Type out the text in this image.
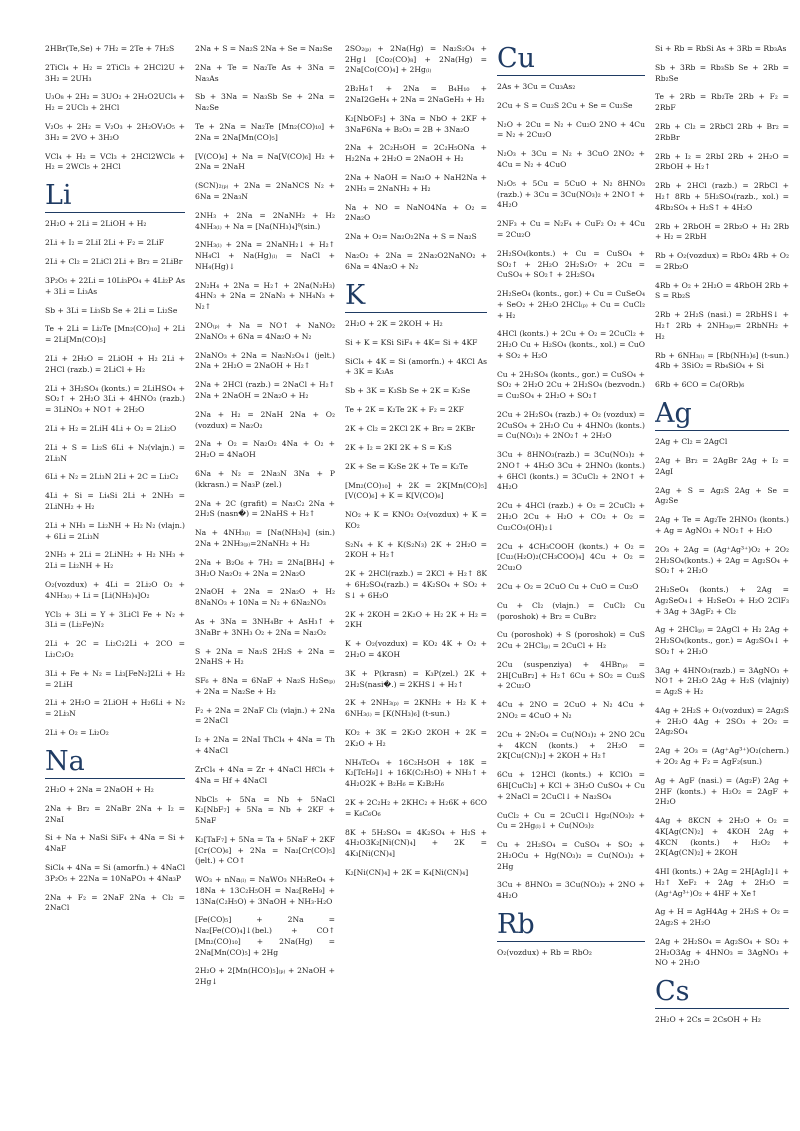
2HBr(Te,Se) + 7H₂ = 2Te + 7H₂S
2TiCl₄ + H₂ = 2TiCl₃ + 2HCl2U + 3H₂ = 2UH₃
U₃O₈ + 2H₂ = 3UO₂ + 2H₂O2UCl₄ + H₂ = 2UCl₃ + 2HCl
V₂O₅ + 2H₂ = V₂O₃ + 2H₂OV₂O₅ + 3H₂ = 2VO + 3H₂O
VCl₄ + H₂ = VCl₃ + 2HCl2WCl₆ + H₂ = 2WCl₅ + 2HCl
Li
2H₂O + 2Li = 2LiOH + H₂
2Li + I₂ = 2LiI 2Li + F₂ = 2LiF
2Li + Cl₂ = 2LiCl 2Li + Br₂ = 2LiBr
3P₂O₅ + 22Li = 10Li₃PO₄ + 4Li₂P As + 3Li = Li₃As
Sb + 3Li = Li₃Sb Se + 2Li = Li₂Se
Te + 2Li = Li₂Te [Mn₂(CO)₁₀] + 2Li = 2Li[Mn(CO)₅]
2Li + 2H₂O = 2LiOH + H₂ 2Li + 2HCl (razb.) = 2LiCl + H₂
2Li + 3H₂SO₄ (konts.) = 2LiHSO₄ + SO₂↑ + 2H₂O 3Li + 4HNO₃ (razb.) = 3LiNO₃ + NO↑ + 2H₂O
2Li + H₂ = 2LiH 4Li + O₂ = 2Li₂O
2Li + S = Li₂S 6Li + N₂(vlajn.) = 2Li₃N
6Li + N₂ = 2Li₃N 2Li + 2C = Li₂C₂
4Li + Si = Li₄Si 2Li + 2NH₃ = 2LiNH₂ + H₂
2Li + NH₃ = Li₂NH + H₂ N₂ (vlajn.) + 6Li = 2Li₃N
2NH₃ + 2Li = 2LiNH₂ + H₂ NH₃ + 2Li = Li₂NH + H₂
O₂(vozdux) + 4Li = 2Li₂O O₂ + 4NH₃₍ₗ₎ + Li = [Li(NH₃)₄]O₂
YCl₃ + 3Li = Y + 3LiCl Fe + N₂ + 3Li = (Li₂Fe)N₂
2Li + 2C = Li₂C₂2Li + 2CO = Li₂C₂O₂
3Li + Fe + N₂ = Li₃[FeN₂]2Li + H₂ = 2LiH
2Li + 2H₂O = 2LiOH + H₂6Li + N₂ = 2Li₃N
2Li + O₂ = Li₂O₂
Na
2H₂O + 2Na = 2NaOH + H₂
2Na + Br₂ = 2NaBr 2Na + I₂ = 2NaI
Si + Na + NaSi SiF₄ + 4Na = Si + 4NaF
SiCl₄ + 4Na = Si (amorfn.) + 4NaCl 3P₂O₅ + 22Na = 10NaPO₃ + 4Na₃P
2Na + F₂ = 2NaF 2Na + Cl₂ = 2NaCl
2Na + S = Na₂S 2Na + Se = Na₂Se
2Na + Te = Na₂Te As + 3Na = Na₃As
Sb + 3Na = Na₃Sb Se + 2Na = Na₂Se
Te + 2Na = Na₂Te [Mn₂(CO)₁₀] + 2Na = 2Na[Mn(CO)₅]
[V(CO)₆] + Na = Na[V(CO)₆] H₂ + 2Na = 2NaH
(SCN)₂₍ₚ₎ + 2Na = 2NaNCS N₂ + 6Na = 2Na₃N
2NH₃ + 2Na = 2NaNH₂ + H₂ 4NH₃₍ₗ₎ + Na = [Na(NH₃)₄]⁰(sin.)
2NH₃₍ₗ₎ + 2Na = 2NaNH₂↓ + H₂↑ NH₄Cl + Na(Hg)₍ₗ₎ = NaCl + NH₄(Hg)↓
2N₂H₄ + 2Na = H₂↑ + 2Na(N₂H₃) 4HN₃ + 2Na = 2NaN₃ + NH₄N₃ + N₂↑
2NO₍ₚ₎ + Na = NO↑ + NaNO₂ 2NaNO₃ + 6Na = 4Na₂O + N₂
2NaNO₃ + 2Na = Na₂N₂O₄↓ (jelt.) 2Na + 2H₂O = 2NaOH + H₂↑
2Na + 2HCl (razb.) = 2NaCl + H₂↑ 2Na + 2NaOH = 2Na₂O + H₂
2Na + H₂ = 2NaH 2Na + O₂ (vozdux) = Na₂O₂
2Na + O₂ = Na₂O₂ 4Na + O₂ + 2H₂O = 4NaOH
6Na + N₂ = 2Na₃N 3Na + P (kkrasn.) = Na₃P (zel.)
2Na + 2C (grafit) = Na₂C₂ 2Na + 2H₂S (nasn�) = 2NaHS + H₂↑
Na + 4NH₃₍ₗ₎ = [Na(NH₃)₄] (sin.) 2Na + 2NH₃₍ₚ₎=2NaNH₂ + H₂
2Na + B₂O₆ + 7H₂ = 2Na[BH₄] + 3H₂O Na₂O₂ + 2Na = 2Na₂O
2NaOH + 2Na = 2Na₂O + H₂ 8NaNO₃ + 10Na = N₂ + 6Na₂NO₃
As + 3Na = 3NH₄Br + AsH₃↑ + 3NaBr + 3NH₃ O₂ + 2Na = Na₂O₂
S + 2Na = Na₂S 2H₂S + 2Na = 2NaHS + H₂
SF₆ + 8Na = 6NaF + Na₂S H₂Se₍ₚ₎ + 2Na = Na₂Se + H₂
F₂ + 2Na = 2NaF Cl₂ (vlajn.) + 2Na = 2NaCl
I₂ + 2Na = 2NaI ThCl₄ + 4Na = Th + 4NaCl
ZrCl₄ + 4Na = Zr + 4NaCl HfCl₄ + 4Na = Hf + 4NaCl
NbCl₅ + 5Na = Nb + 5NaCl K₂[NbF₇] + 5Na = Nb + 2KF + 5NaF
K₂[TaF₇] + 5Na = Ta + 5NaF + 2KF [Cr(CO)₆] + 2Na = Na₂[Cr(CO)₅] (jelt.) + CO↑
WO₃ + nNa₍ₗ₎ = NaWO₃ NH₃ReO₄ + 18Na + 13C₂H₅OH = Na₂[ReH₉] + 13Na(C₂H₅O) + 3NaOH + NH₃·H₂O
[Fe(CO)₅] + 2Na = Na₂[Fe(CO)₄]↓(bel.) + CO↑ [Mn₂(CO)₁₀] + 2Na(Hg) = 2Na[Mn(CO)₅] + 2Hg
2H₂O + 2[Mn(HCO)₅]₍ₚ₎ + 2NaOH + 2Hg↓
2SO₂₍ₚ₎ + 2Na(Hg) = Na₂S₂O₄ + 2Hg↓ [Co₂(CO)₈] + 2Na(Hg) = 2Na[Co(CO)₄] + 2Hg₍ₗ₎
2B₂H₆↑ + 2Na = B₄H₁₀ + 2NaI2GeH₄ + 2Na = 2NaGeH₃ + H₂
K₂[NbOF₅] + 3Na = NbO + 2KF + 3NaF6Na + B₂O₃ = 2B + 3Na₂O
2Na + 2C₂H₅OH = 2C₂H₅ONa + H₂2Na + 2H₂O = 2NaOH + H₂
2Na + NaOH = Na₂O + NaH2Na + 2NH₃ = 2NaNH₂ + H₂
Na + NO = NaNO4Na + O₂ = 2Na₂O
2Na + O₂= Na₂O₂2Na + S = Na₂S
Na₂O₂ + 2Na = 2Na₂O2NaNO₂ + 6Na = 4Na₂O + N₂
K
2H₂O + 2K = 2KOH + H₂
Si + K = KSi SiF₄ + 4K= Si + 4KF
SiCl₄ + 4K = Si (amorfn.) + 4KCl As + 3K = K₃As
Sb + 3K = K₃Sb Se + 2K = K₂Se
Te + 2K = K₂Te 2K + F₂ = 2KF
2K + Cl₂ = 2KCl 2K + Br₂ = 2KBr
2K + I₂ = 2KI 2K + S = K₂S
2K + Se = K₂Se 2K + Te = K₂Te
[Mn₂(CO)₁₀] + 2K = 2K[Mn(CO)₅] [V(CO)₆] + K = K[V(CO)₆]
NO₂ + K = KNO₂ O₂(vozdux) + K = KO₂
S₂N₄ + K + K(S₂N₃) 2K + 2H₂O = 2KOH + H₂↑
2K + 2HCl(razb.) = 2KCl + H₂↑ 8K + 6H₂SO₄(razb.) = 4K₂SO₄ + SO₂ + S↓ + 6H₂O
2K + 2KOH = 2K₂O + H₂ 2K + H₂ = 2KH
K + O₂(vozdux) = KO₂ 4K + O₂ + 2H₂O = 4KOH
3K + P(krasn) = K₃P(zel.) 2K + 2H₂S(nasі�.) = 2KHS↓ + H₂↑
2K + 2NH₃₍ₚ₎ = 2KNH₂ + H₂ K + 6NH₃₍ₗ₎ = [K(NH₃)₆] (t-sun.)
KO₂ + 3K = 2K₂O 2KOH + 2K = 2K₂O + H₂
NH₄TcO₄ + 16C₂H₅OH + 18K = K₂[TcH₉]↓ + 16K(C₂H₅O) + NH₃↑ + 4H₂O2K + B₂H₆ = K₂B₂H₆
2K + 2C₂H₂ + 2KHC₂ + H₂6K + 6CO = K₆C₆O₆
8K + 5H₂SO₄ = 4K₂SO₄ + H₂S + 4H₂O3K₂[Ni(CN)₄] + 2K = 4K₃[Ni(CN)₄]
K₂[Ni(CN)₄] + 2K = K₄[Ni(CN)₄]
Cu
2As + 3Cu = Cu₃As₂
2Cu + S = Cu₂S 2Cu + Se = Cu₂Se
N₂O + 2Cu = N₂ + Cu₂O 2NO + 4Cu = N₂ + 2Cu₂O
N₂O₃ + 3Cu = N₂ + 3CuO 2NO₂ + 4Cu = N₂ + 4CuO
N₂O₅ + 5Cu = 5CuO + N₂ 8HNO₃ (razb.) + 3Cu = 3Cu(NO₃)₂ + 2NO↑ + 4H₂O
2NF₃ + Cu = N₂F₄ + CuF₂ O₂ + 4Cu = 2Cu₂O
2H₂SO₄(konts.) + Cu = CuSO₄ + SO₂↑ + 2H₂O 2H₂S₂O₇ + 2Cu = CuSO₄ + SO₂↑ + 2H₂SO₄
2H₂SeO₄ (konts., gor.) + Cu = CuSeO₄ + SeO₂ + 2H₂O 2HCl₍ₚ₎ + Cu = CuCl₂ + H₂
4HCl (konts.) + 2Cu + O₂ = 2CuCl₂ + 2H₂O Cu + H₂SO₄ (konts., xol.) = CuO + SO₂ + H₂O
Cu + 2H₂SO₄ (konts., gor.) = CuSO₄ + SO₂ + 2H₂O 2Cu + 2H₂SO₄ (bezvodn.) = Cu₂SO₄ + 2H₂O + SO₂↑
2Cu + 2H₂SO₄ (razb.) + O₂ (vozdux) = 2CuSO₄ + 2H₂O Cu + 4HNO₃ (konts.) = Cu(NO₃)₂ + 2NO₂↑ + 2H₂O
3Cu + 8HNO₃(razb.) = 3Cu(NO₃)₂ + 2NO↑ + 4H₂O 3Cu + 2HNO₃ (konts.) + 6HCl (konts.) = 3CuCl₂ + 2NO↑ + 4H₂O
2Cu + 4HCl (razb.) + O₂ = 2CuCl₂ + 2H₂O 2Cu + H₂O + CO₂ + O₂ = Cu₂CO₃(OH)₂↓
2Cu + 4CH₃COOH (konts.) + O₂ = [Cu₂(H₂O)₂(CH₃COO)₄] 4Cu + O₂ = 2Cu₂O
2Cu + O₂ = 2CuO Cu + CuO = Cu₂O
Cu + Cl₂ (vlajn.) = CuCl₂ Cu (poroshok) + Br₂ = CuBr₂
Cu (poroshok) + S (poroshok) = CuS 2Cu + 2HCl₍ₚ₎ = 2CuCl + H₂
2Cu (suspenziya) + 4HBr₍ₚ₎ = 2H[CuBr₂] + H₂↑ 6Cu + SO₂ = Cu₂S + 2Cu₂O
4Cu + 2NO = 2CuO + N₂ 4Cu + 2NO₂ = 4CuO + N₂
2Cu + 2N₂O₄ = Cu(NO₃)₂ + 2NO 2Cu + 4KCN (konts.) + 2H₂O = 2K[Cu(CN)₂] + 2KOH + H₂↑
6Cu + 12HCl (konts.) + KClO₃ = 6H[CuCl₂] + KCl + 3H₂O CuSO₄ + Cu + 2NaCl = 2CuCl↓ + Na₂SO₄
CuCl₂ + Cu = 2CuCl↓ Hg₂(NO₃)₂ + Cu = 2Hg₍ₗ₎↓ + Cu(NO₃)₂
Cu + 2H₂SO₄ = CuSO₄ + SO₂ + 2H₂OCu + Hg(NO₃)₂ = Cu(NO₃)₂ + 2Hg
3Cu + 8HNO₃ = 3Cu(NO₃)₂ + 2NO + 4H₂O
Rb
O₂(vozdux) + Rb = RbO₂
Si + Rb = RbSi As + 3Rb = Rb₃As
Sb + 3Rb = Rb₃Sb Se + 2Rb = Rb₂Se
Te + 2Rb = Rb₂Te 2Rb + F₂ = 2RbF
2Rb + Cl₂ = 2RbCl 2Rb + Br₂ = 2RbBr
2Rb + I₂ = 2RbI 2Rb + 2H₂O = 2RbOH + H₂↑
2Rb + 2HCl (razb.) = 2RbCl + H₂↑ 8Rb + 5H₂SO₄(razb., xol.) = 4Rb₂SO₄ + H₂S↑ + 4H₂O
2Rb + 2RbOH = 2Rb₂O + H₂ 2Rb + H₂ = 2RbH
Rb + O₂(vozdux) = RbO₂ 4Rb + O₂ = 2Rb₂O
4Rb + O₂ + 2H₂O = 4RbOH 2Rb + S = Rb₂S
2Rb + 2H₂S (nasі.) = 2RbHS↓ + H₂↑ 2Rb + 2NH₃₍ₚ₎= 2RbNH₂ + H₂
Rb + 6NH₃₍ₗ₎ = [Rb(NH₃)₆] (t-sun.) 4Rb + 3SiO₂ = Rb₄SiO₄ + Si
6Rb + 6CO = C₆(ORb)₆
Ag
2Ag + Cl₂ = 2AgCl
2Ag + Br₂ = 2AgBr 2Ag + I₂ = 2AgI
2Ag + S = Ag₂S 2Ag + Se = Ag₂Se
2Ag + Te = Ag₂Te 2HNO₃ (konts.) + Ag = AgNO₃ + NO₂↑ + H₂O
2O₃ + 2Ag = (Ag⁺Ag³⁺)O₂ + 2O₂ 2H₂SO₄(konts.) + 2Ag = Ag₂SO₄ + SO₂↑ + 2H₂O
2H₂SeO₄ (konts.) + 2Ag = Ag₂SeO₄↓ + H₂SeO₃ + H₂O 2ClF₃ + 3Ag + 3AgF₂ + Cl₂
Ag + 2HCl₍ₚ₎ = 2AgCl + H₂ 2Ag + 2H₂SO₄(konts., gor.) = Ag₂SO₄↓ + SO₂↑ + 2H₂O
3Ag + 4HNO₃(razb.) = 3AgNO₃ + NO↑ + 2H₂O 2Ag + H₂S (vlajniy) = Ag₂S + H₂
4Ag + 2H₂S + O₂(vozdux) = 2Ag₂S + 2H₂O 4Ag + 2SO₃ + 2O₂ = 2Ag₂SO₄
2Ag + 2O₃ = (Ag⁺Ag³⁺)O₂(chern.) + 2O₂ Ag + F₂ = AgF₂(sun.)
Ag + AgF (nasі.) = (Ag₂F) 2Ag + 2HF (konts.) + H₂O₂ = 2AgF + 2H₂O
4Ag + 8KCN + 2H₂O + O₂ = 4K[Ag(CN)₂] + 4KOH 2Ag + 4KCN (konts.) + H₂O₂ + 2K[Ag(CN)₂] + 2KOH
4HI (konts.) + 2Ag = 2H[AgI₂]↓ + H₂↑ XeF₂ + 2Ag + 2H₂O = (Ag⁺Ag³⁺)O₂ + 4HF + Xe↑
Ag + H = AgH4Ag + 2H₂S + O₂ = 2Ag₂S + 2H₂O
2Ag + 2H₂SO₄ = Ag₂SO₄ + SO₂ + 2H₂O3Ag + 4HNO₃ = 3AgNO₃ + NO + 2H₂O
Cs
2H₂O + 2Cs = 2CsOH + H₂
